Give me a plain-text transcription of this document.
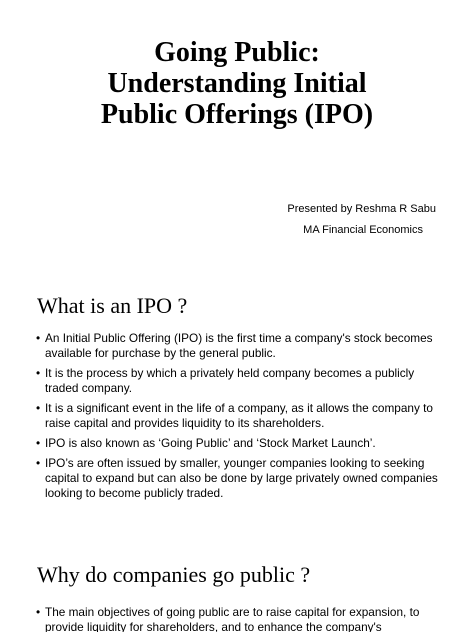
Going Public:
Understanding Initial
Public Offerings (IPO)
Presented by Reshma R Sabu
MA Financial Economics
What is an IPO ?
• An Initial Public Offering (IPO) is the first time a company's stock becomes available for purchase by the general public.
• It is the process by which a privately held company becomes a publicly traded company.
• It is a significant event in the life of a company, as it allows the company to raise capital and provides liquidity to its shareholders.
• IPO is also known as ‘Going Public’ and ‘Stock Market Launch’.
• IPO’s are often issued by smaller, younger companies looking to seeking capital to expand but can also be done by large privately owned companies looking to become publicly traded.
Why do companies go public ?
• The main objectives of going public are to raise capital for expansion, to provide liquidity for shareholders, and to enhance the company's
